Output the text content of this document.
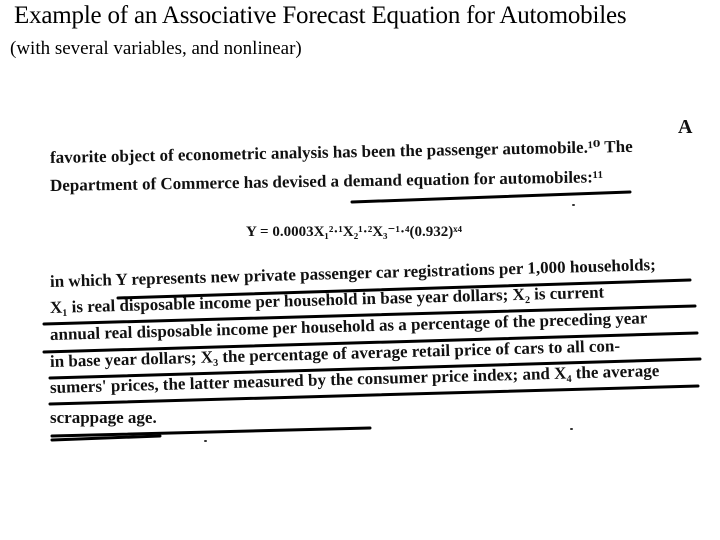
Example of an Associative Forecast Equation for Automobiles
(with several variables, and nonlinear)
A
favorite object of econometric analysis has been the passenger automobile.¹⁰ The
Department of Commerce has devised a demand equation for automobiles:¹¹
Y = 0.0003X₁²·¹X₂¹·²X₃⁻¹·⁴(0.932)ˣ⁴
in which Y represents new private passenger car registrations per 1,000 households;
X₁ is real disposable income per household in base year dollars; X₂ is current
annual real disposable income per household as a percentage of the preceding year
in base year dollars; X₃ the percentage of average retail price of cars to all con-
sumers' prices, the latter measured by the consumer price index; and X₄ the average
scrappage age.
